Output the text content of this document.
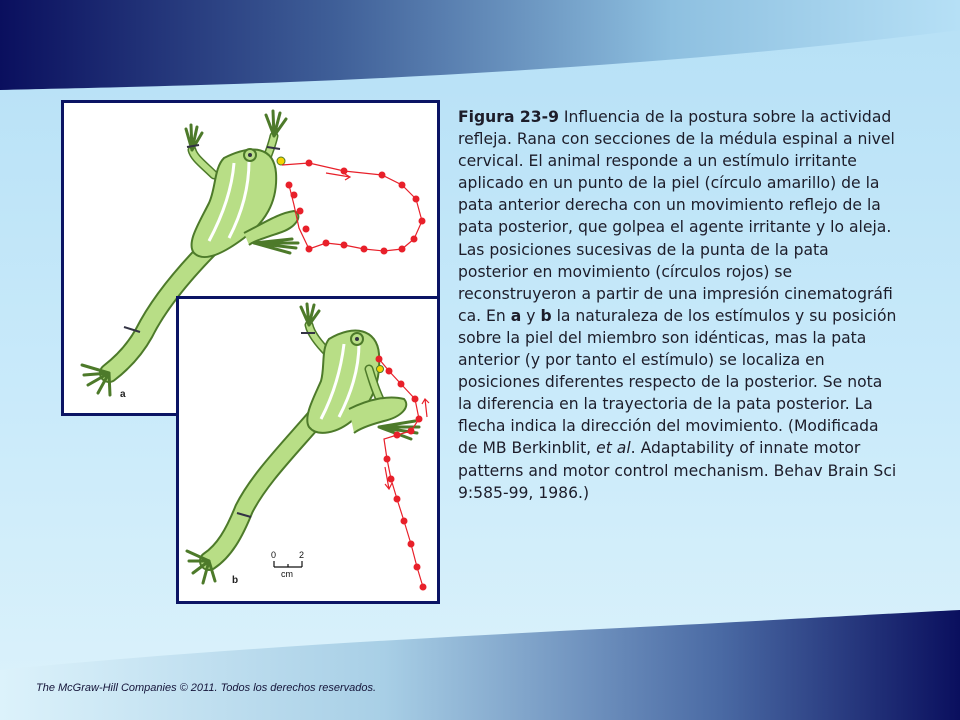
a
0	2
cm
b

Figura 23-9 Influencia de la postura sobre la actividad refleja. Rana con secciones de la médula espinal a nivel cervical. El animal responde a un estímulo irritante aplicado en un punto de la piel (círculo amarillo) de la pata anterior derecha con un movimiento reflejo de la pata posterior, que golpea el agente irritante y lo aleja. Las posiciones sucesivas de la punta de la pata posterior en movimiento (círculos rojos) se reconstruyeron a partir de una impresión cinematográfi ca. En a y b la naturaleza de los estímulos y su posición sobre la piel del miembro son idénticas, mas la pata anterior (y por tanto el estímulo) se localiza en posiciones diferentes respecto de la posterior. Se nota la diferencia en la trayectoria de la pata posterior. La flecha indica la dirección del movimiento. (Modificada de MB Berkinblit, et al. Adaptability of innate motor patterns and motor control mechanism. Behav Brain Sci 9:585-99, 1986.)

The McGraw-Hill Companies © 2011. Todos los derechos reservados.
